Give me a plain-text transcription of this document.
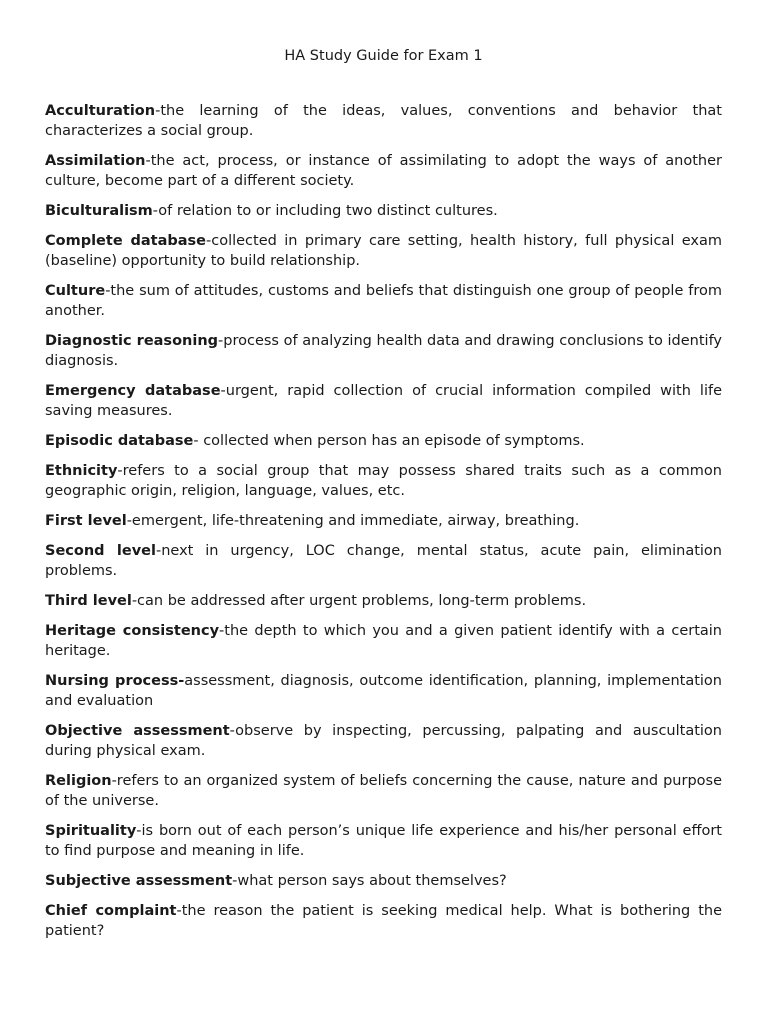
HA Study Guide for Exam 1

Acculturation-the learning of the ideas, values, conventions and behavior that characterizes a social group.

Assimilation-the act, process, or instance of assimilating to adopt the ways of another culture, become part of a different society.

Biculturalism-of relation to or including two distinct cultures.

Complete database-collected in primary care setting, health history, full physical exam (baseline) opportunity to build relationship.

Culture-the sum of attitudes, customs and beliefs that distinguish one group of people from another.

Diagnostic reasoning-process of analyzing health data and drawing conclusions to identify diagnosis.

Emergency database-urgent, rapid collection of crucial information compiled with life saving measures.

Episodic database- collected when person has an episode of symptoms.

Ethnicity-refers to a social group that may possess shared traits such as a common geographic origin, religion, language, values, etc.

First level-emergent, life-threatening and immediate, airway, breathing.

Second level-next in urgency, LOC change, mental status, acute pain, elimination problems.

Third level-can be addressed after urgent problems, long-term problems.

Heritage consistency-the depth to which you and a given patient identify with a certain heritage.

Nursing process-assessment, diagnosis, outcome identification, planning, implementation and evaluation

Objective assessment-observe by inspecting, percussing, palpating and auscultation during physical exam.

Religion-refers to an organized system of beliefs concerning the cause, nature and purpose of the universe.

Spirituality-is born out of each person’s unique life experience and his/her personal effort to find purpose and meaning in life.

Subjective assessment-what person says about themselves?

Chief complaint-the reason the patient is seeking medical help. What is bothering the patient?
